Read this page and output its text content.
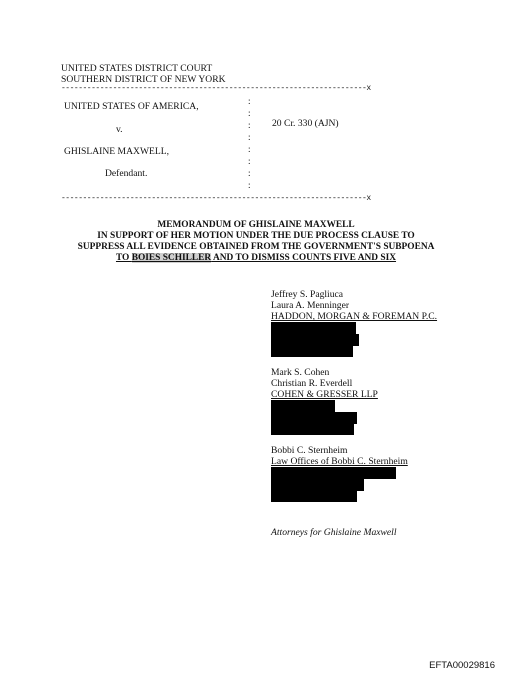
UNITED STATES DISTRICT COURT
SOUTHERN DISTRICT OF NEW YORK
-----------------------------------------------------------------------x
:
:
:
:
:
:
:
:
UNITED STATES OF AMERICA,
v.
GHISLAINE MAXWELL,
Defendant.
20 Cr. 330 (AJN)
-----------------------------------------------------------------------x
MEMORANDUM OF GHISLAINE MAXWELL
IN SUPPORT OF HER MOTION UNDER THE DUE PROCESS CLAUSE TO
SUPPRESS ALL EVIDENCE OBTAINED FROM THE GOVERNMENT'S SUBPOENA
TO BOIES SCHILLER AND TO DISMISS COUNTS FIVE AND SIX
Jeffrey S. Pagliuca
Laura A. Menninger
HADDON, MORGAN & FOREMAN P.C.
Mark S. Cohen
Christian R. Everdell
COHEN & GRESSER LLP
Bobbi C. Sternheim
Law Offices of Bobbi C. Sternheim
Attorneys for Ghislaine Maxwell
EFTA00029816
